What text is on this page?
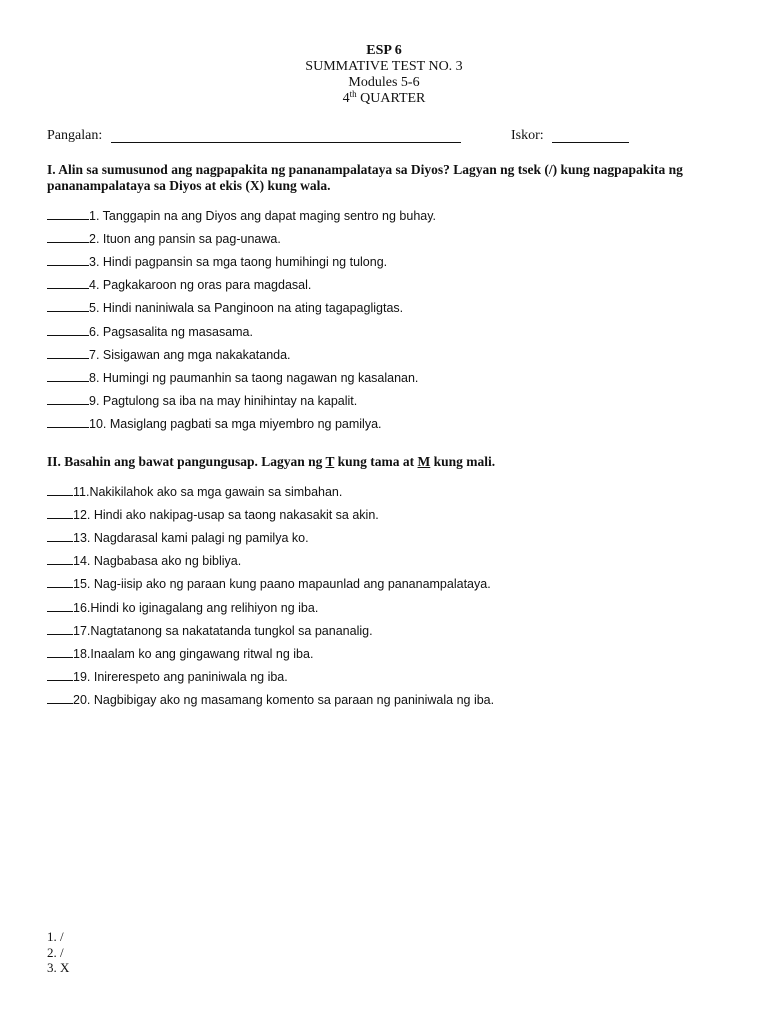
ESP 6
SUMMATIVE TEST NO. 3
Modules 5-6
4th QUARTER
Pangalan:	Iskor:
I. Alin sa sumusunod ang nagpapakita ng pananampalataya sa Diyos? Lagyan ng tsek (/) kung nagpapakita ng pananampalataya sa Diyos at ekis (X) kung wala.
1. Tanggapin na ang Diyos ang dapat maging sentro ng buhay.
2. Ituon ang pansin sa pag-unawa.
3. Hindi pagpansin sa mga taong humihingi ng tulong.
4. Pagkakaroon ng oras para magdasal.
5. Hindi naniniwala sa Panginoon na ating tagapagligtas.
6. Pagsasalita ng masasama.
7. Sisigawan ang mga nakakatanda.
8. Humingi ng paumanhin sa taong nagawan ng kasalanan.
9. Pagtulong sa iba na may hinihintay na kapalit.
10. Masiglang pagbati sa mga miyembro ng pamilya.
II. Basahin ang bawat pangungusap. Lagyan ng T kung tama at M kung mali.
11.Nakikilahok ako sa mga gawain sa simbahan.
12. Hindi ako nakipag-usap sa taong nakasakit sa akin.
13. Nagdarasal kami palagi ng pamilya ko.
14. Nagbabasa ako ng bibliya.
15. Nag-iisip ako ng paraan kung paano mapaunlad ang pananampalataya.
16.Hindi ko iginagalang ang relihiyon ng iba.
17.Nagtatanong sa nakatatanda tungkol sa pananalig.
18.Inaalam ko ang gingawang ritwal ng iba.
19. Inirerespeto ang paniniwala ng iba.
20. Nagbibigay ako ng masamang komento sa paraan ng paniniwala ng iba.
1. /
2. /
3. X
